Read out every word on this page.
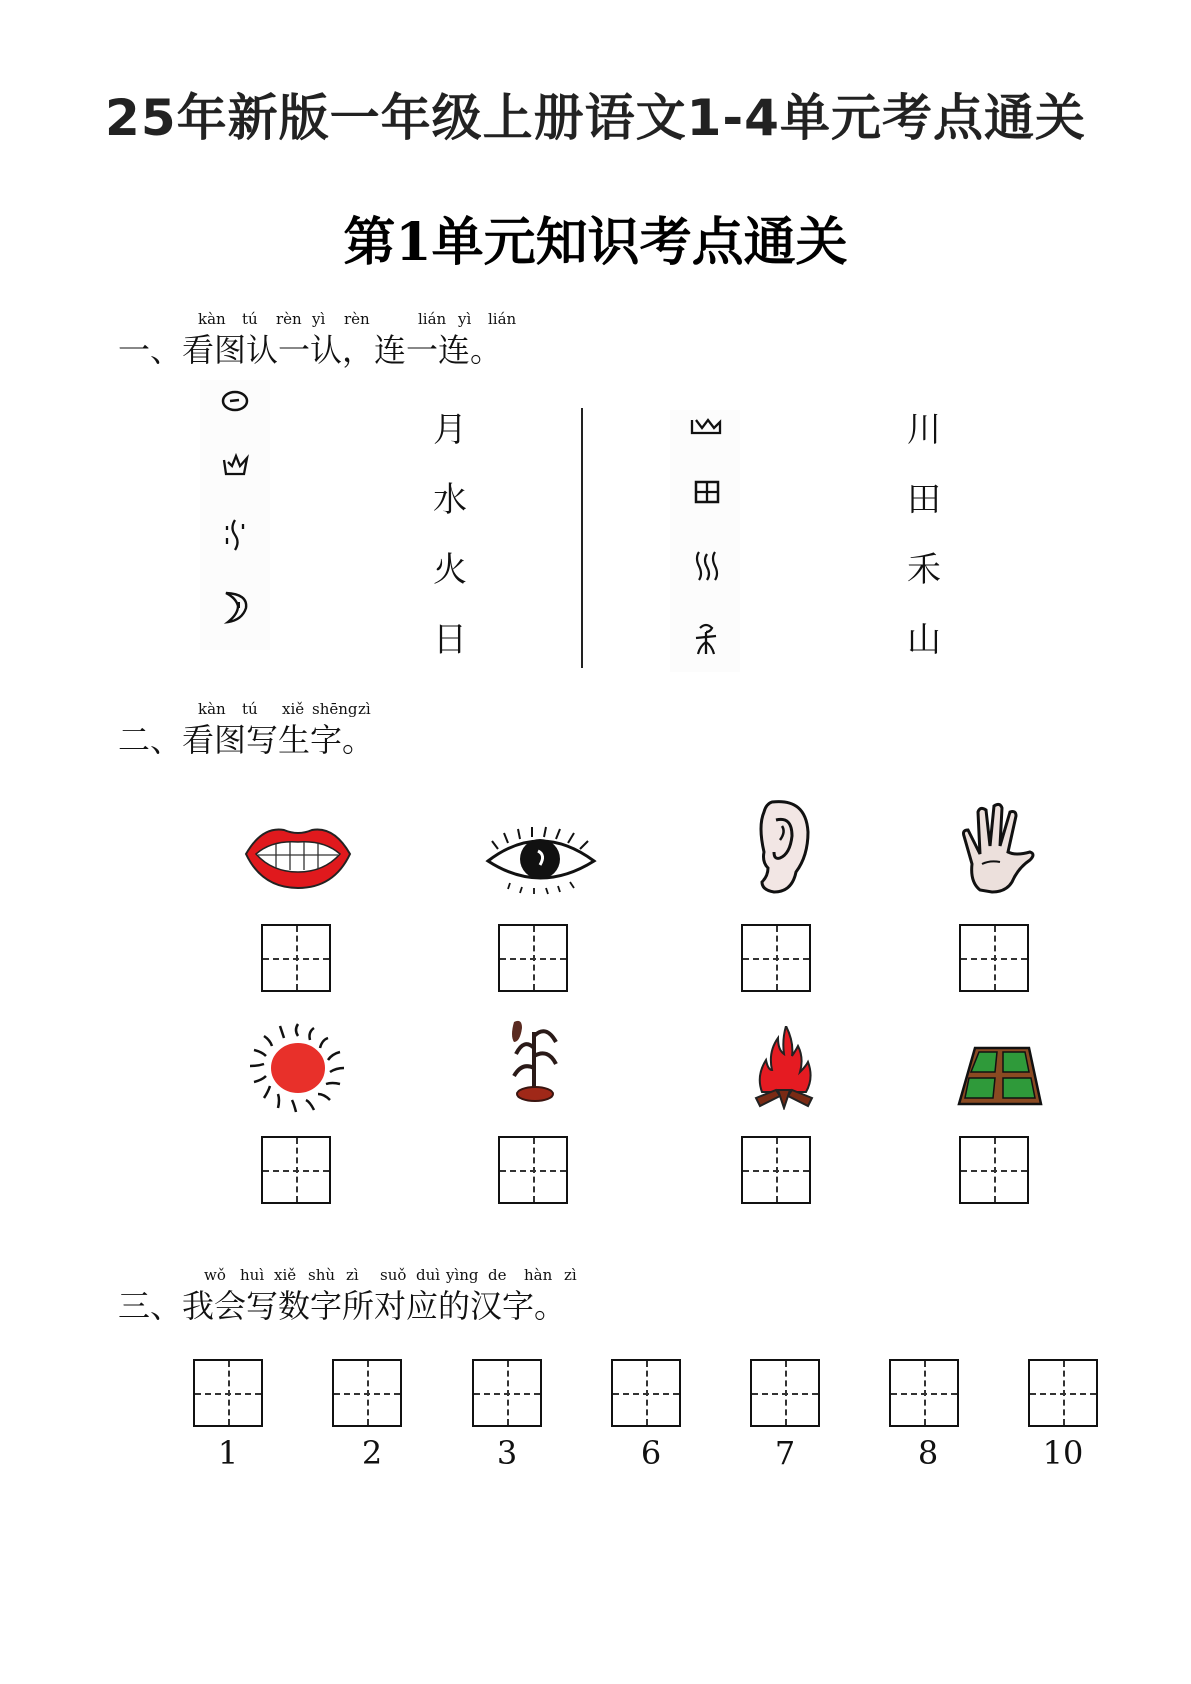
25年新版一年级上册语文1-4单元考点通关
第1单元知识考点通关
kàn tú rèn yì rèn	lián yì lián
一、 看图认一认，连一连。
月
水
火
日
川
田
禾
山
kàn tú xiě shēng zì
二、 看图写生字。
wǒ huì xiě shù zì suǒ duì yìng de hàn zì
三、 我会写数字所对应的汉字。
1	2	3	6	7	8	10
